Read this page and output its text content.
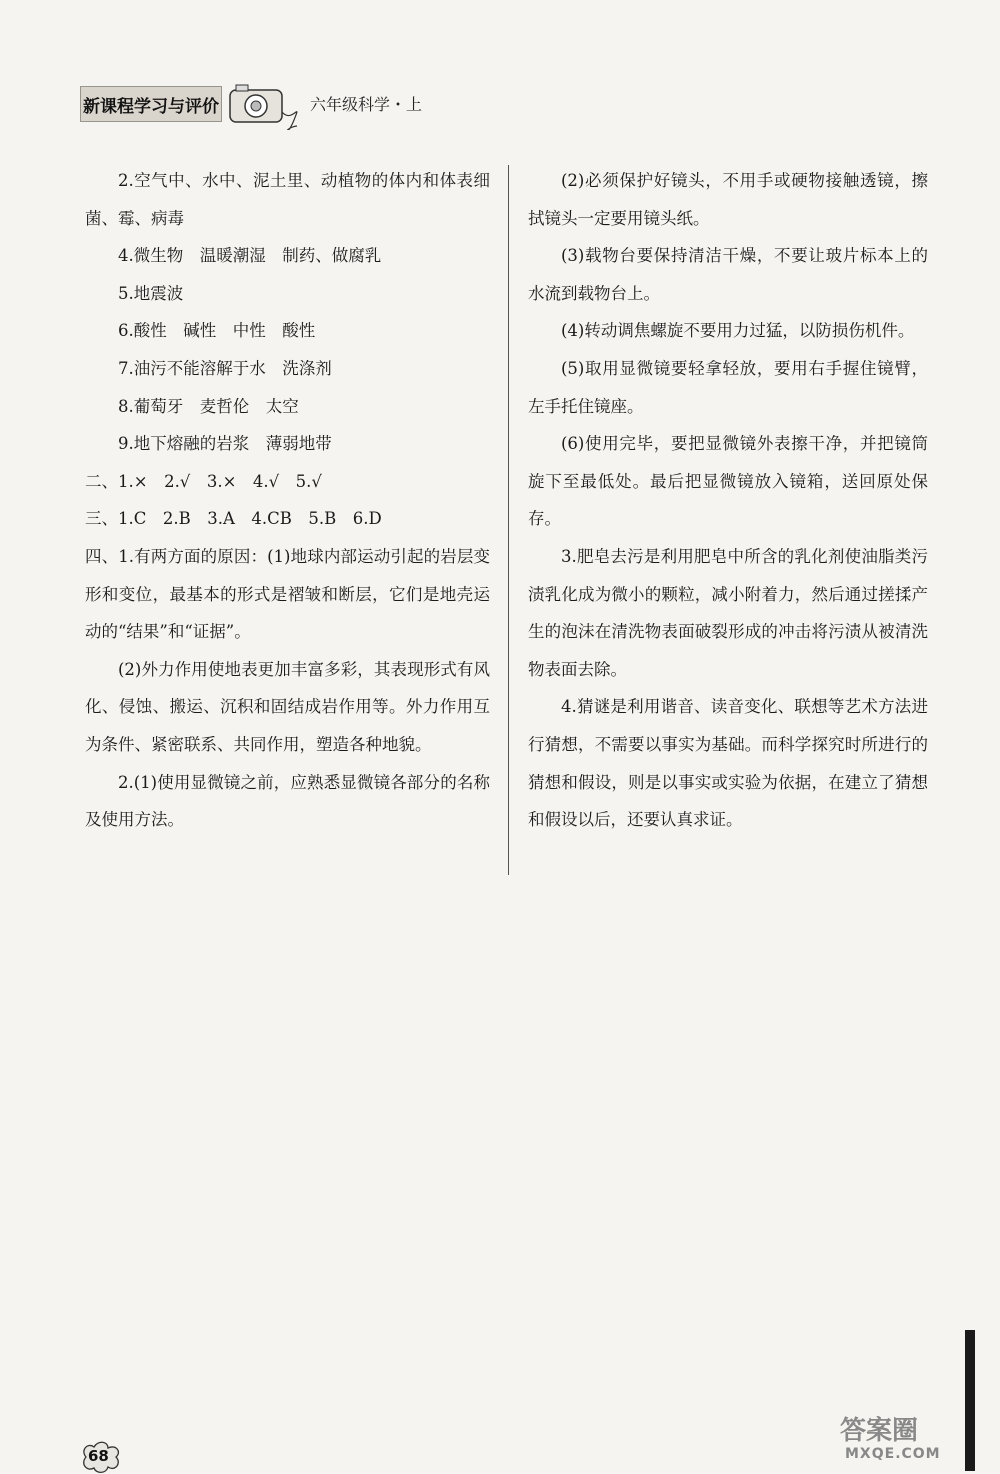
新课程学习与评价	六年级科学・上

2.空气中、水中、泥土里、动植物的体内和体表细菌、霉、病毒

4.微生物　温暖潮湿　制药、做腐乳

5.地震波

6.酸性　碱性　中性　酸性

7.油污不能溶解于水　洗涤剂

8.葡萄牙　麦哲伦　太空

9.地下熔融的岩浆　薄弱地带

二、1.×　2.√　3.×　4.√　5.√

三、1.C　2.B　3.A　4.CB　5.B　6.D

四、1.有两方面的原因：(1)地球内部运动引起的岩层变形和变位，最基本的形式是褶皱和断层，它们是地壳运动的“结果”和“证据”。

(2)外力作用使地表更加丰富多彩，其表现形式有风化、侵蚀、搬运、沉积和固结成岩作用等。外力作用互为条件、紧密联系、共同作用，塑造各种地貌。

2.(1)使用显微镜之前，应熟悉显微镜各部分的名称及使用方法。

(2)必须保护好镜头，不用手或硬物接触透镜，擦拭镜头一定要用镜头纸。

(3)载物台要保持清洁干燥，不要让玻片标本上的水流到载物台上。

(4)转动调焦螺旋不要用力过猛，以防损伤机件。

(5)取用显微镜要轻拿轻放，要用右手握住镜臂，左手托住镜座。

(6)使用完毕，要把显微镜外表擦干净，并把镜筒旋下至最低处。最后把显微镜放入镜箱，送回原处保存。

3.肥皂去污是利用肥皂中所含的乳化剂使油脂类污渍乳化成为微小的颗粒，减小附着力，然后通过搓揉产生的泡沫在清洗物表面破裂形成的冲击将污渍从被清洗物表面去除。

4.猜谜是利用谐音、读音变化、联想等艺术方法进行猜想，不需要以事实为基础。而科学探究时所进行的猜想和假设，则是以事实或实验为依据，在建立了猜想和假设以后，还要认真求证。

68
答案圈
MXQE.COM
